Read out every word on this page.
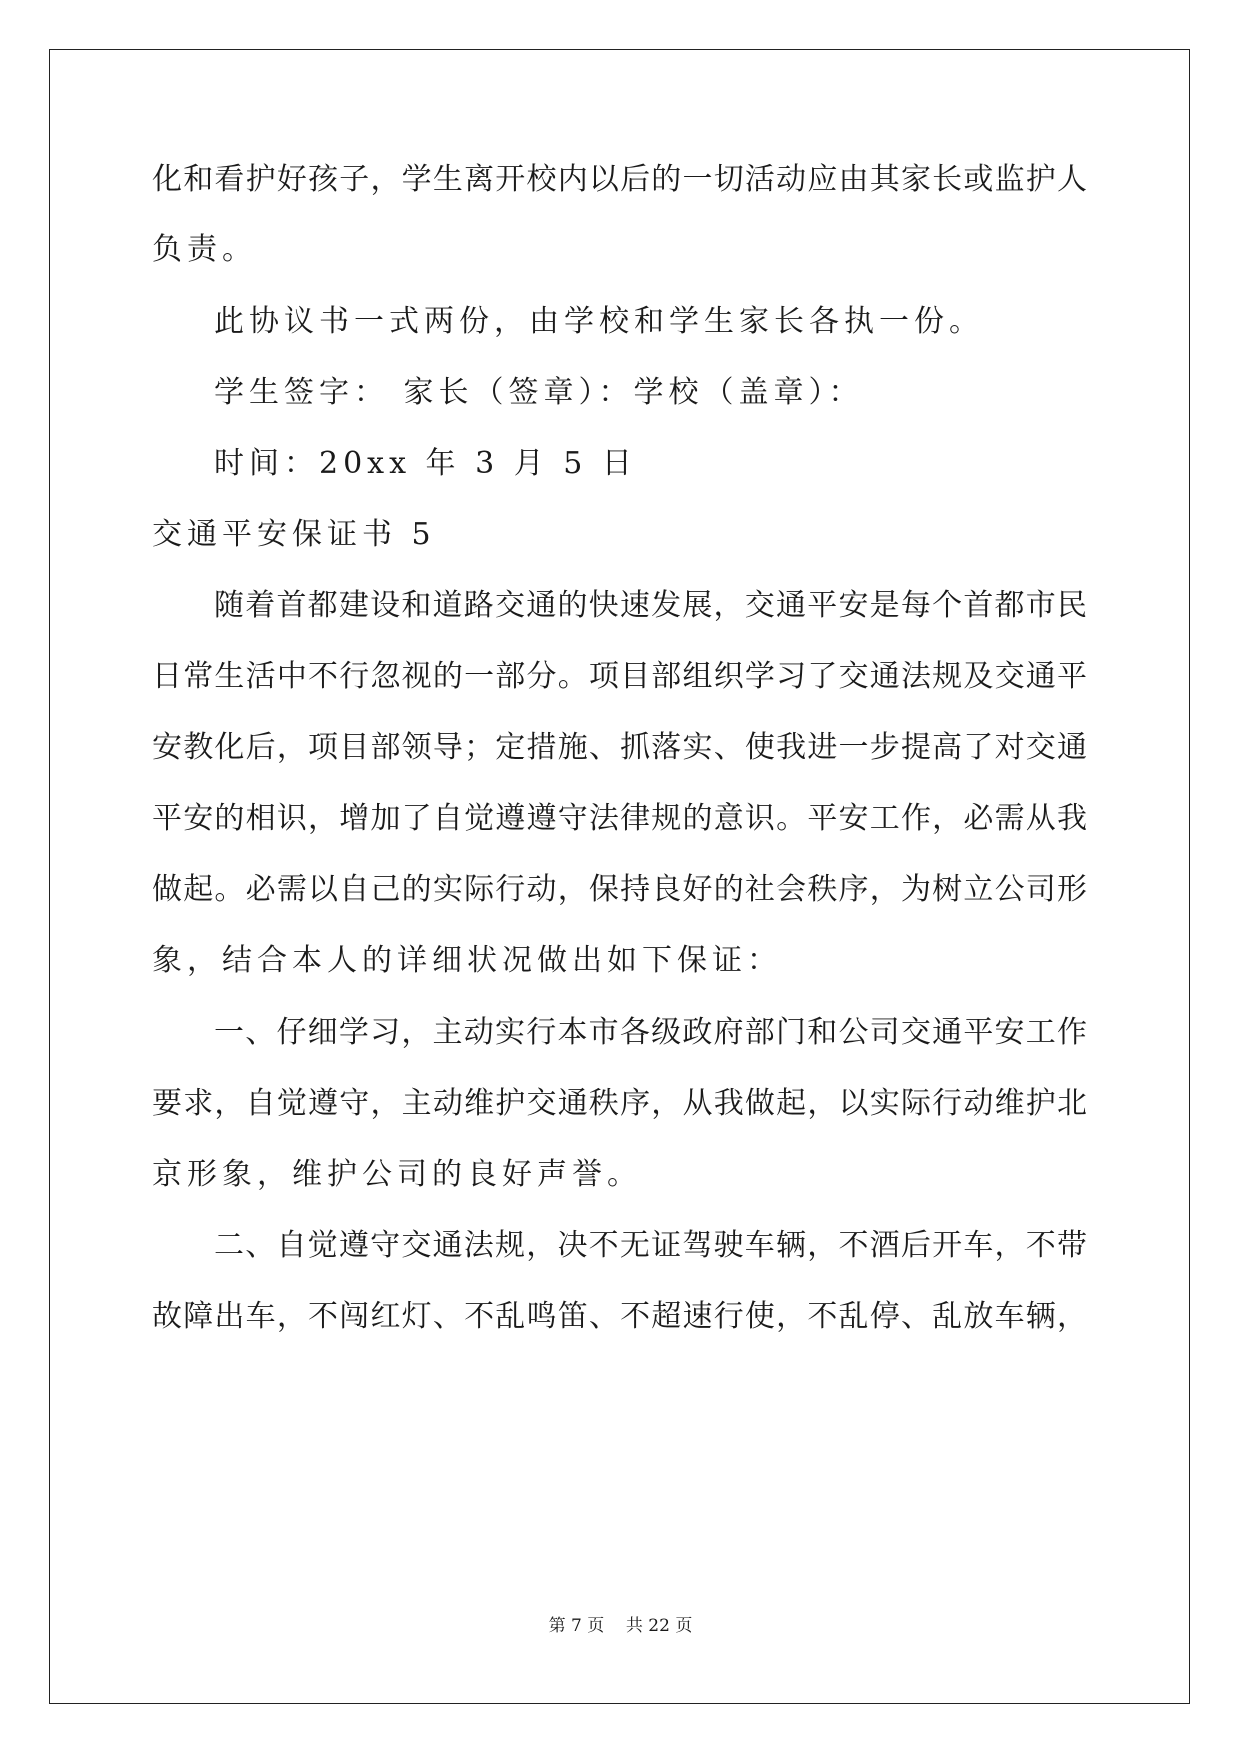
化和看护好孩子，学生离开校内以后的一切活动应由其家长或监护人
负责。
此协议书一式两份，由学校和学生家长各执一份。
学生签字： 家长（签章）：学校（盖章）：
时间：20xx 年 3 月 5 日
交通平安保证书 5
随着首都建设和道路交通的快速发展，交通平安是每个首都市民
日常生活中不行忽视的一部分。项目部组织学习了交通法规及交通平
安教化后，项目部领导；定措施、抓落实、使我进一步提高了对交通
平安的相识，增加了自觉遵遵守法律规的意识。平安工作，必需从我
做起。必需以自己的实际行动，保持良好的社会秩序，为树立公司形
象，结合本人的详细状况做出如下保证：
一、仔细学习，主动实行本市各级政府部门和公司交通平安工作
要求，自觉遵守，主动维护交通秩序，从我做起，以实际行动维护北
京形象，维护公司的良好声誉。
二、自觉遵守交通法规，决不无证驾驶车辆，不酒后开车，不带
故障出车，不闯红灯、不乱鸣笛、不超速行使，不乱停、乱放车辆，
第 7 页    共 22 页
